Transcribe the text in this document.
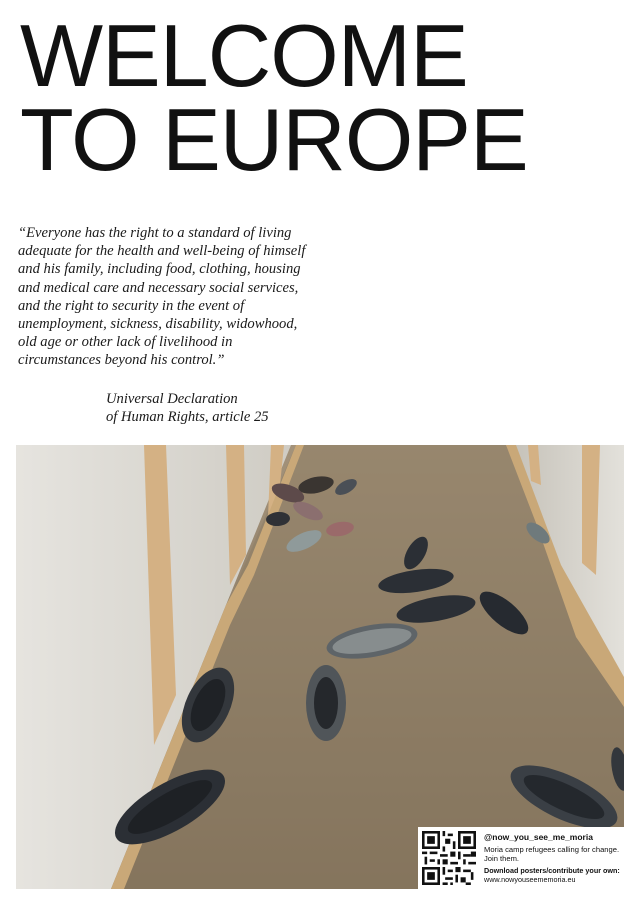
WELCOME
TO EUROPE

“Everyone has the right to a standard of living adequate for the health and well-being of himself and his family, including food, clothing, housing and medical care and necessary social services, and the right to security in the event of unemployment, sickness, disability, widowhood, old age or other lack of livelihood in circumstances beyond his control.”

Universal Declaration
of Human Rights, article 25
@now_you_see_me_moria
Moria camp refugees calling for change. Join them.
Download posters/contribute your own:
www.nowyouseememoria.eu
